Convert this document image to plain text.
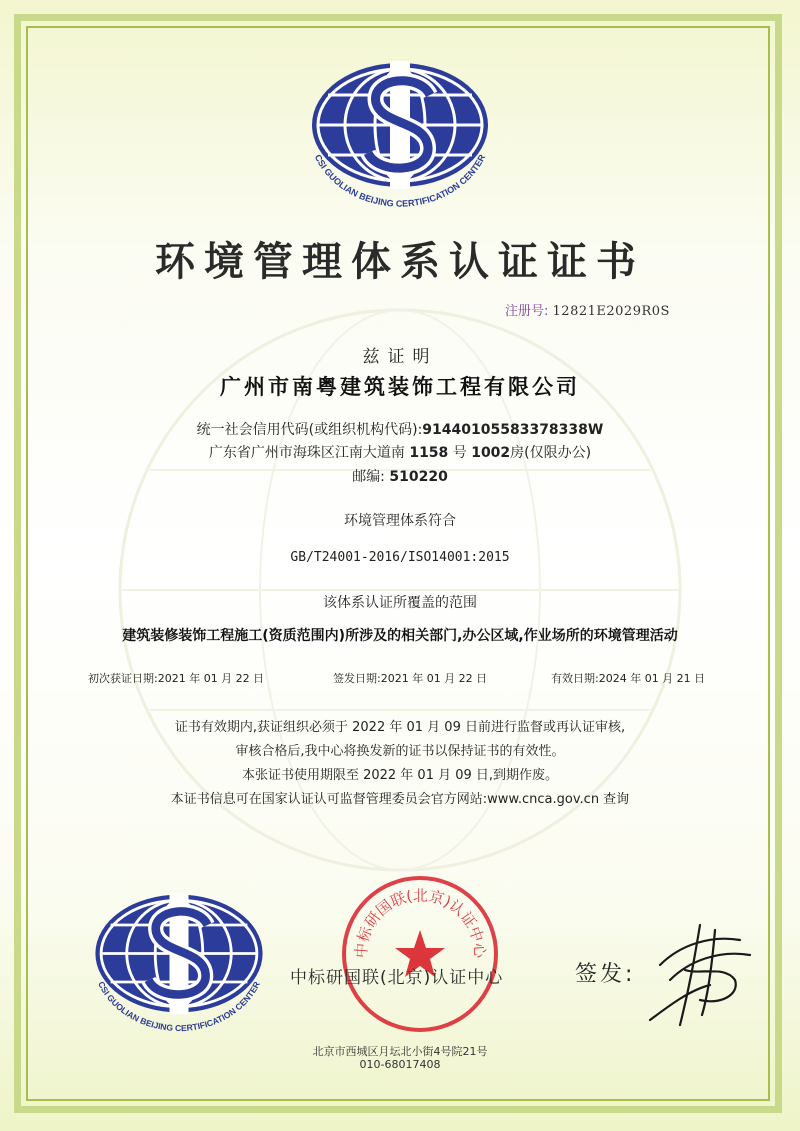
CSI GUOLIAN BEIJING CERTIFICATION CENTER
环境管理体系认证证书
注册号: 12821E2029R0S
兹证明
广州市南粤建筑装饰工程有限公司
统一社会信用代码(或组织机构代码):91440105583378338W
广东省广州市海珠区江南大道南 1158 号 1002房(仅限办公)
邮编: 510220
环境管理体系符合
GB/T24001-2016/ISO14001:2015
该体系认证所覆盖的范围
建筑装修装饰工程施工(资质范围内)所涉及的相关部门,办公区域,作业场所的环境管理活动
初次获证日期:2021 年 01 月 22 日	签发日期:2021 年 01 月 22 日	有效日期:2024 年 01 月 21 日
证书有效期内,获证组织必须于 2022 年 01 月 09 日前进行监督或再认证审核,
审核合格后,我中心将换发新的证书以保持证书的有效性。
本张证书使用期限至 2022 年 01 月 09 日,到期作废。
本证书信息可在国家认证认可监督管理委员会官方网站:www.cnca.gov.cn 查询
CSI GUOLIAN BEIJING CERTIFICATION CENTER
中标研国联(北京)认证中心
中标研国联(北京)认证中心	签发:
北京市西城区月坛北小街4号院21号
010-68017408
